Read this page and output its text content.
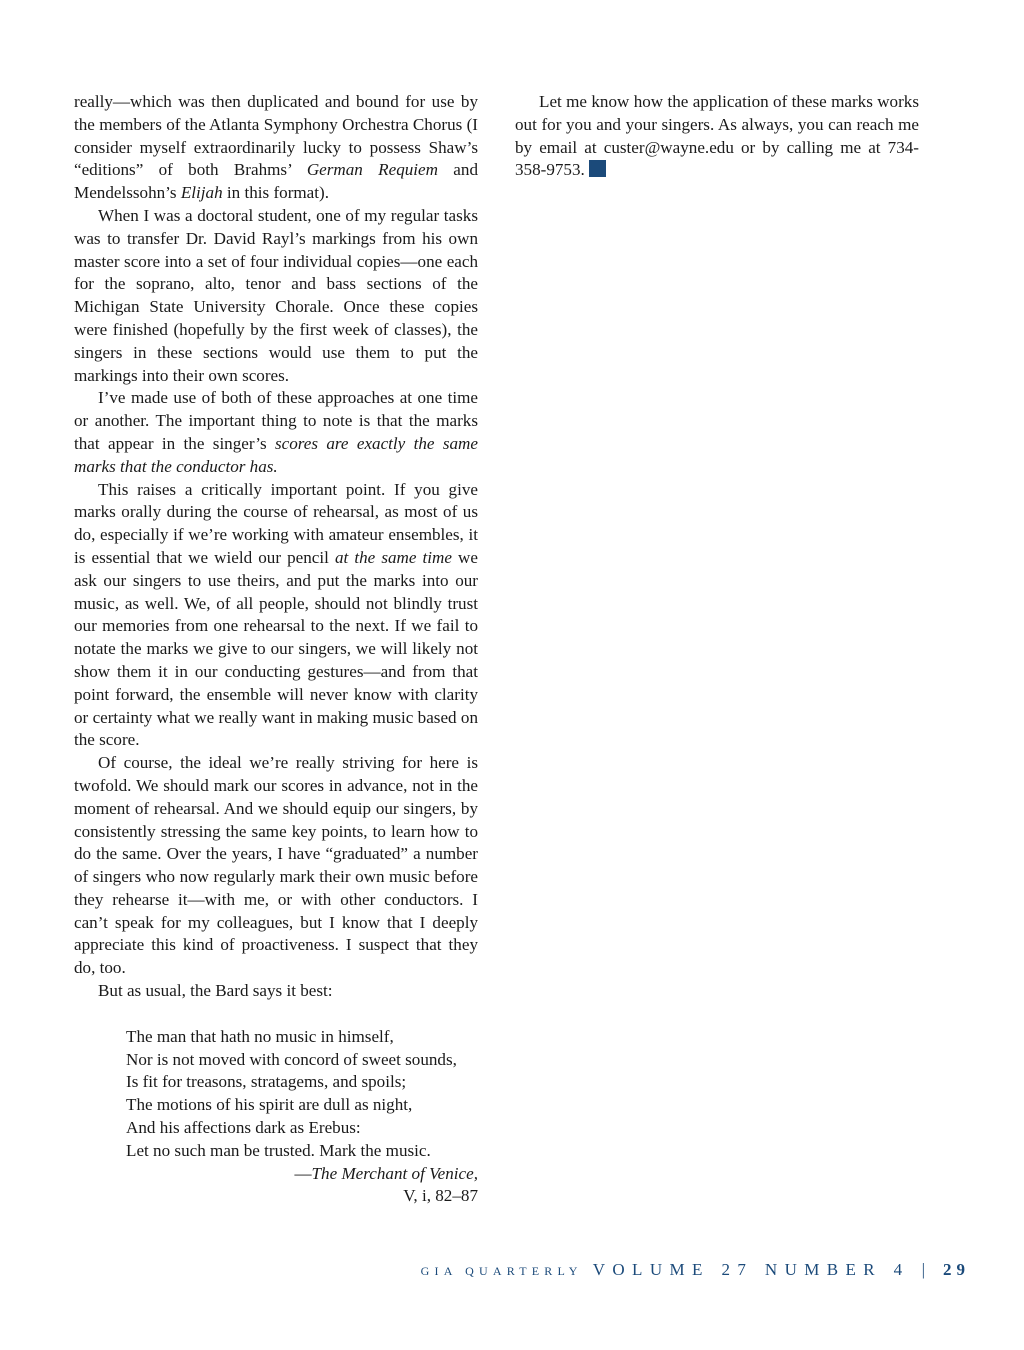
really—which was then duplicated and bound for use by the members of the Atlanta Symphony Orchestra Chorus (I consider myself extraordinarily lucky to possess Shaw’s “editions” of both Brahms’ German Requiem and Mendelssohn’s Elijah in this format).

When I was a doctoral student, one of my regular tasks was to transfer Dr. David Rayl’s markings from his own master score into a set of four individual copies—one each for the soprano, alto, tenor and bass sections of the Michigan State University Chorale. Once these copies were finished (hopefully by the first week of classes), the singers in these sections would use them to put the markings into their own scores.

I’ve made use of both of these approaches at one time or another. The important thing to note is that the marks that appear in the singer’s scores are exactly the same marks that the conductor has.

This raises a critically important point. If you give marks orally during the course of rehearsal, as most of us do, especially if we’re working with amateur ensembles, it is essential that we wield our pencil at the same time we ask our singers to use theirs, and put the marks into our music, as well. We, of all people, should not blindly trust our memories from one rehearsal to the next. If we fail to notate the marks we give to our singers, we will likely not show them it in our conducting gestures—and from that point forward, the ensemble will never know with clarity or certainty what we really want in making music based on the score.

Of course, the ideal we’re really striving for here is twofold. We should mark our scores in advance, not in the moment of rehearsal. And we should equip our singers, by consistently stressing the same key points, to learn how to do the same. Over the years, I have “graduated” a number of singers who now regularly mark their own music before they rehearse it—with me, or with other conductors. I can’t speak for my colleagues, but I know that I deeply appreciate this kind of proactiveness. I suspect that they do, too.

But as usual, the Bard says it best:

The man that hath no music in himself,
Nor is not moved with concord of sweet sounds,
Is fit for treasons, stratagems, and spoils;
The motions of his spirit are dull as night,
And his affections dark as Erebus:
Let no such man be trusted. Mark the music.
—The Merchant of Venice,
V, i, 82–87

Let me know how the application of these marks works out for you and your singers. As always, you can reach me by email at custer@wayne.edu or by calling me at 734-358-9753.

GIA QUARTERLY VOLUME 27 NUMBER 4 | 29
